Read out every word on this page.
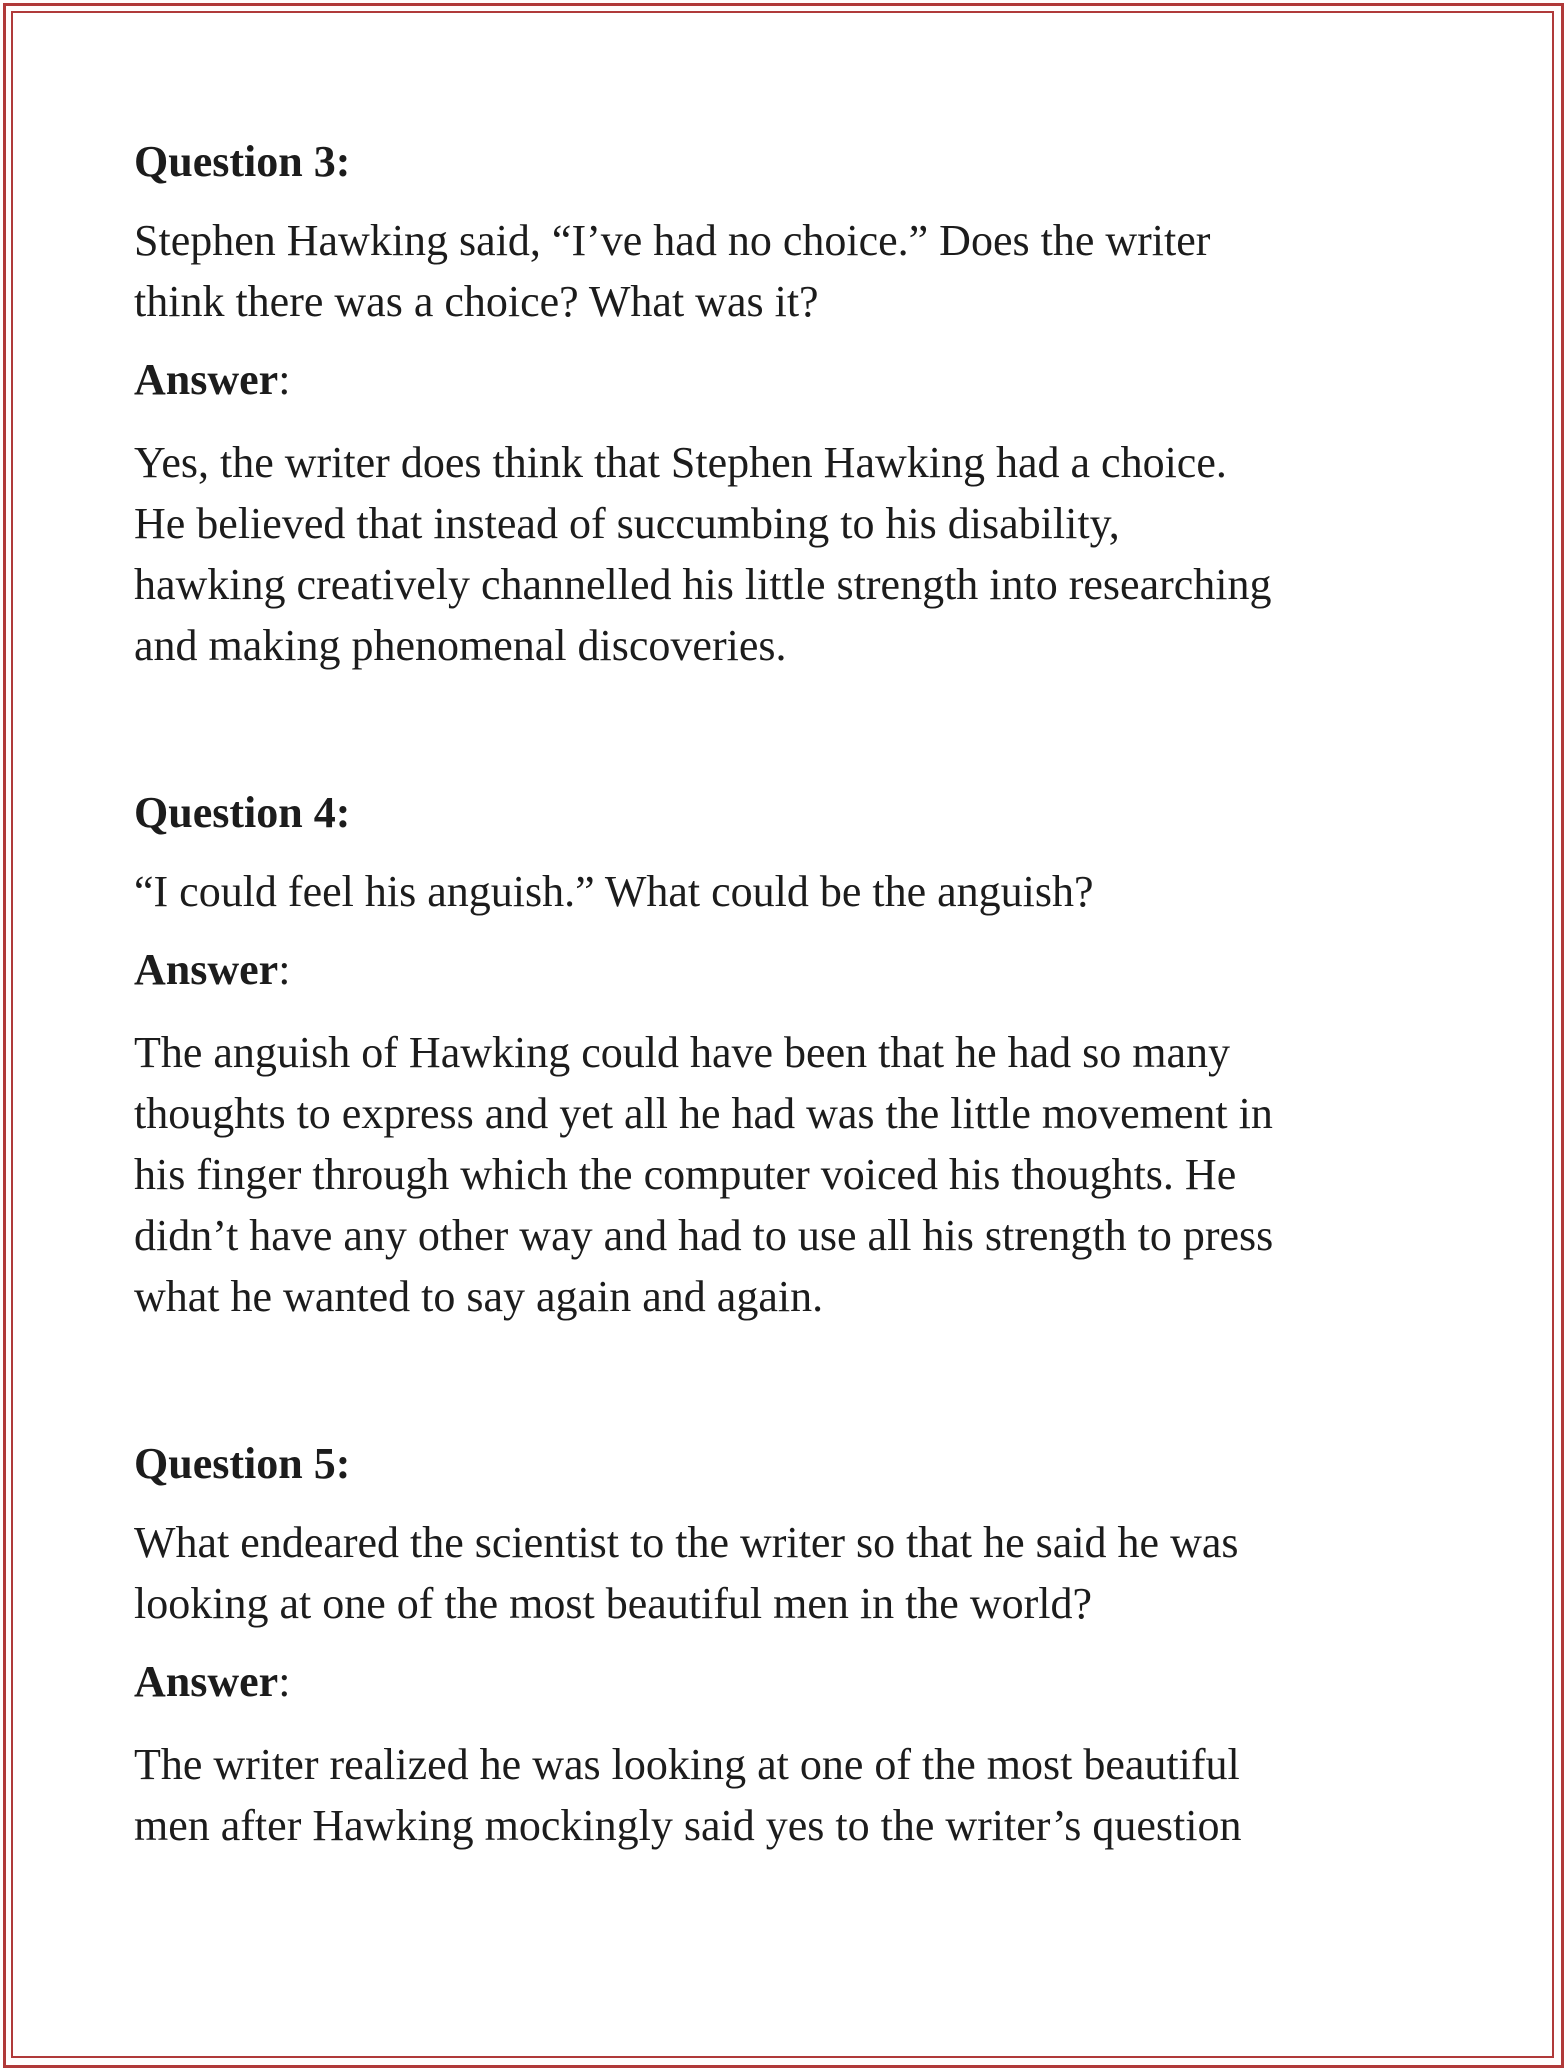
Question 3:
Stephen Hawking said, “I’ve had no choice.” Does the writer
think there was a choice? What was it?
Answer:
Yes, the writer does think that Stephen Hawking had a choice.
He believed that instead of succumbing to his disability,
hawking creatively channelled his little strength into researching
and making phenomenal discoveries.
Question 4:
“I could feel his anguish.” What could be the anguish?
Answer:
The anguish of Hawking could have been that he had so many
thoughts to express and yet all he had was the little movement in
his finger through which the computer voiced his thoughts. He
didn’t have any other way and had to use all his strength to press
what he wanted to say again and again.
Question 5:
What endeared the scientist to the writer so that he said he was
looking at one of the most beautiful men in the world?
Answer:
The writer realized he was looking at one of the most beautiful
men after Hawking mockingly said yes to the writer’s question
